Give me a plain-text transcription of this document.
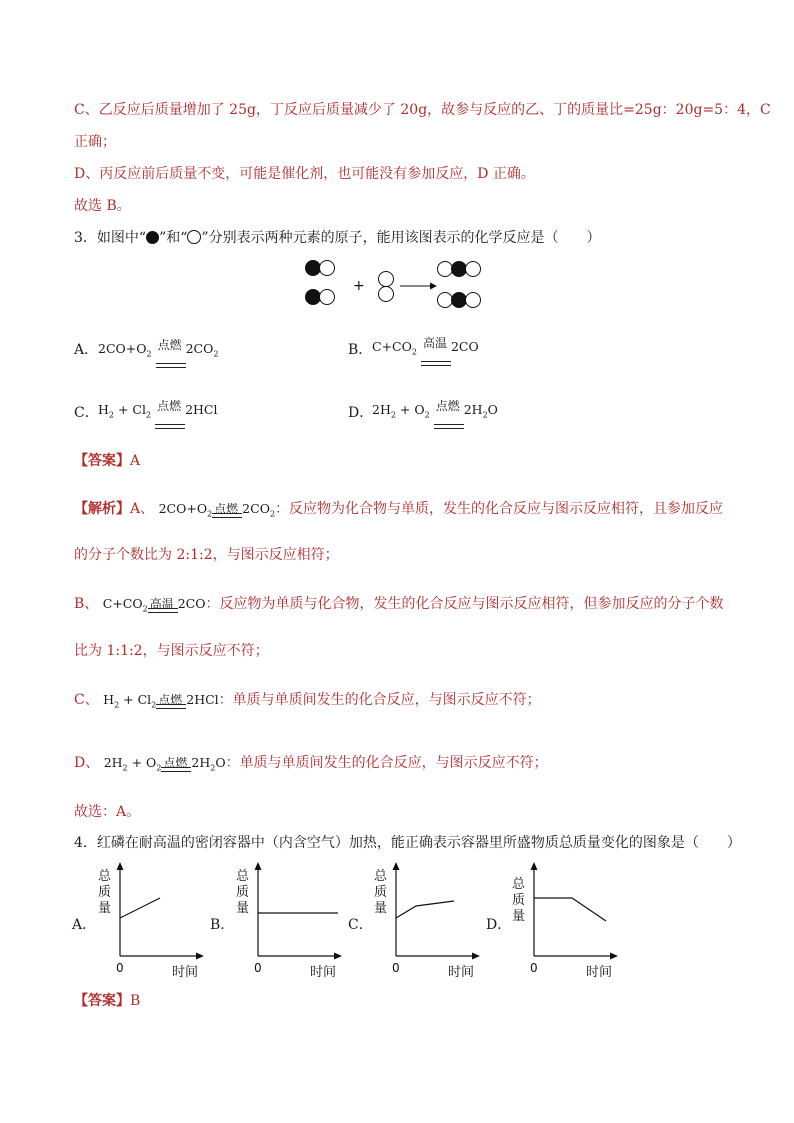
C、乙反应后质量增加了 25g，丁反应后质量减少了 20g，故参与反应的乙、丁的质量比=25g：20g=5：4，C
正确；
D、丙反应前后质量不变，可能是催化剂，也可能没有参加反应，D 正确。
故选 B。
3．如图中“ ”和“ ”分别表示两种元素的原子，能用该图表示的化学反应是（　　）
+
A． $2CO+O_2$
点燃 $2CO_2$	B． $C+CO_2$
高温 2CO
C． $H_2 + Cl_2$
点燃 2HCl	D．
$2H_2 + O_2$
点燃 $2H_2O$
【答案】A
【解析】A、 $2CO+O_2$ 点燃 $2CO_2$：反应物为化合物与单质，发生的化合反应与图示反应相符，且参加反应
的分子个数比为 2:1:2，与图示反应相符；
B、 $C+CO_2$ 高温 2CO：反应物为单质与化合物，发生的化合反应与图示反应相符，但参加反应的分子个数
比为 1:1:2，与图示反应不符；
C、 $H_2 + Cl_2$ 点燃 2HCl：单质与单质间发生的化合反应，与图示反应不符；
D、 $2H_2 + O_2$ 点燃 $2H_2O$：单质与单质间发生的化合反应，与图示反应不符；
故选：A。
4．红磷在耐高温的密闭容器中（内含空气）加热，能正确表示容器里所盛物质总质量变化的图象是（　　）
A．
总
质
量
0	时间
B．
总
质
量
0	时间
C．
总
质
量
0	时间
D．
总
质
量
0	时间
【答案】B
